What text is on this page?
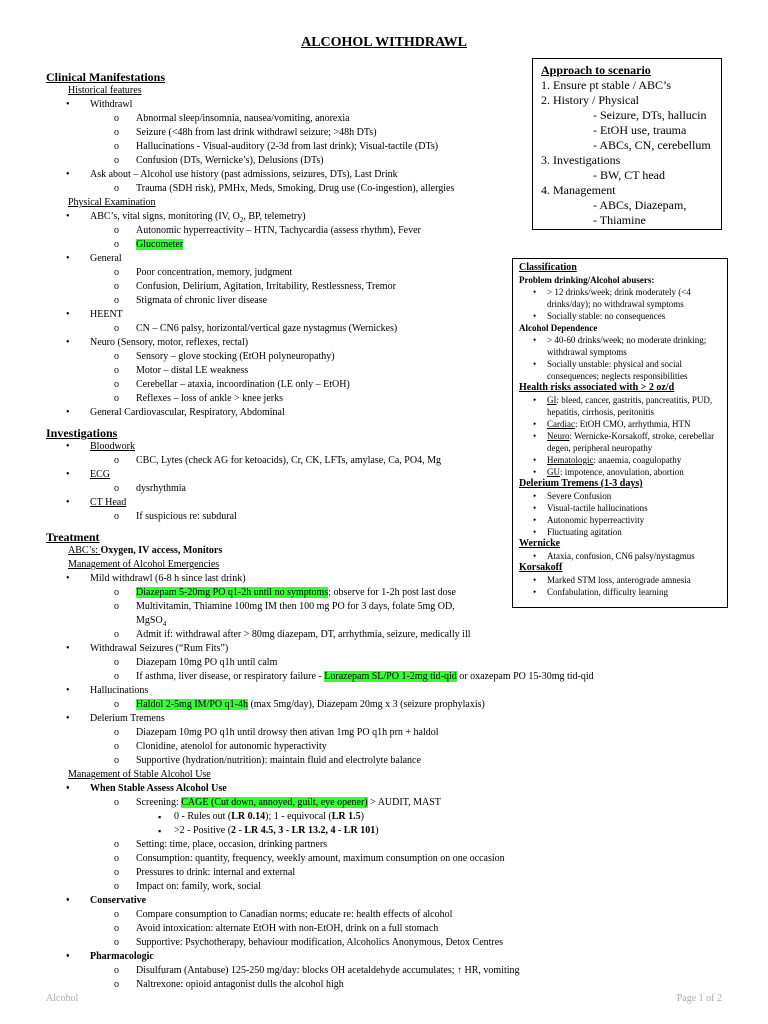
ALCOHOL WITHDRAWL
Approach to scenario
1. Ensure pt stable / ABC’s
2. History / Physical
- Seizure, DTs, hallucin
- EtOH use, trauma
- ABCs, CN, cerebellum
3. Investigations
- BW, CT head
4. Management
- ABCs, Diazepam,
- Thiamine
Classification
Problem drinking/Alcohol abusers:
• > 12 drinks/week; drink moderately (<4 drinks/day); no withdrawal symptoms
• Socially stable: no consequences
Alcohol Dependence
• > 40-60 drinks/week; no moderate drinking; withdrawal symptoms
• Socially unstable: physical and social consequences; neglects responsibilities
Health risks associated with > 2 oz/d
• GI: bleed, cancer, gastritis, pancreatitis, PUD, hepatitis, cirrhosis, peritonitis
• Cardiac: EtOH CMO, arrhythmia, HTN
• Neuro: Wernicke-Korsakoff, stroke, cerebellar degen, peripheral neuropathy
• Hematologic: anaemia, coagulopathy
• GU: impotence, anovulation, abortion
Delerium Tremens (1-3 days)
• Severe Confusion
• Visual-tactile hallucinations
• Autonomic hyperreactivity
• Fluctuating agitation
Wernicke
• Ataxia, confusion, CN6 palsy/nystagmus
Korsakoff
• Marked STM loss, anterograde amnesia
• Confabulation, difficulty learning
Clinical Manifestations
Historical features
• Withdrawl
o Abnormal sleep/insomnia, nausea/vomiting, anorexia
o Seizure (<48h from last drink withdrawl seizure; >48h DTs)
o Hallucinations - Visual-auditory (2-3d from last drink); Visual-tactile (DTs)
o Confusion (DTs, Wernicke’s), Delusions (DTs)
• Ask about – Alcohol use history (past admissions, seizures, DTs), Last Drink
o Trauma (SDH risk), PMHx, Meds, Smoking, Drug use (Co-ingestion), allergies
Physical Examination
• ABC’s, vital signs, monitoring (IV, $O_2$, BP, telemetry)
o Autonomic hyperreactivity – HTN, Tachycardia (assess rhythm), Fever
o Glucometer
• General
o Poor concentration, memory, judgment
o Confusion, Delirium, Agitation, Irritability, Restlessness, Tremor
o Stigmata of chronic liver disease
• HEENT
o CN – CN6 palsy, horizontal/vertical gaze nystagmus (Wernickes)
• Neuro (Sensory, motor, reflexes, rectal)
o Sensory – glove stocking (EtOH polyneuropathy)
o Motor – distal LE weakness
o Cerebellar – ataxia, incoordination (LE only – EtOH)
o Reflexes – loss of ankle > knee jerks
• General Cardiovascular, Respiratory, Abdominal
Investigations
• Bloodwork
o CBC, Lytes (check AG for ketoacids), Cr, CK, LFTs, amylase, Ca, PO4, Mg
• ECG
o dysrhythmia
• CT Head
o If suspicious re: subdural
Treatment
ABC’s: Oxygen, IV access, Monitors
Management of Alcohol Emergencies
• Mild withdrawl (6-8 h since last drink)
o Diazepam 5-20mg PO q1-2h until no symptoms; observe for 1-2h post last dose
o Multivitamin, Thiamine 100mg IM then 100 mg PO for 3 days, folate 5mg OD,
MgSO$_4$
o Admit if: withdrawal after > 80mg diazepam, DT, arrhythmia, seizure, medically ill
• Withdrawal Seizures (“Rum Fits”)
o Diazepam 10mg PO q1h until calm
o If asthma, liver disease, or respiratory failure - Lorazepam SL/PO 1-2mg tid-qid or oxazepam PO 15-30mg tid-qid
• Hallucinations
o Haldol 2-5mg IM/PO q1-4h (max 5mg/day), Diazepam 20mg x 3 (seizure prophylaxis)
• Delerium Tremens
o Diazepam 10mg PO q1h until drowsy then ativan 1mg PO q1h prn + haldol
o Clonidine, atenolol for autonomic hyperactivity
o Supportive (hydration/nutrition): maintain fluid and electrolyte balance
Management of Stable Alcohol Use
• When Stable Assess Alcohol Use
o Screening: CAGE (Cut down, annoyed, guilt, eye opener) > AUDIT, MAST
▪ 0 - Rules out (LR 0.14); 1 - equivocal (LR 1.5)
▪ >2 - Positive (2 - LR 4.5, 3 - LR 13.2, 4 - LR 101)
o Setting: time, place, occasion, drinking partners
o Consumption: quantity, frequency, weekly amount, maximum consumption on one occasion
o Pressures to drink: internal and external
o Impact on: family, work, social
• Conservative
o Compare consumption to Canadian norms; educate re: health effects of alcohol
o Avoid intoxication: alternate EtOH with non-EtOH, drink on a full stomach
o Supportive: Psychotherapy, behaviour modification, Alcoholics Anonymous, Detox Centres
• Pharmacologic
o Disulfuram (Antabuse) 125-250 mg/day: blocks OH acetaldehyde accumulates; ↑ HR, vomiting
o Naltrexone: opioid antagonist dulls the alcohol high
Alcohol	Page 1 of 2
